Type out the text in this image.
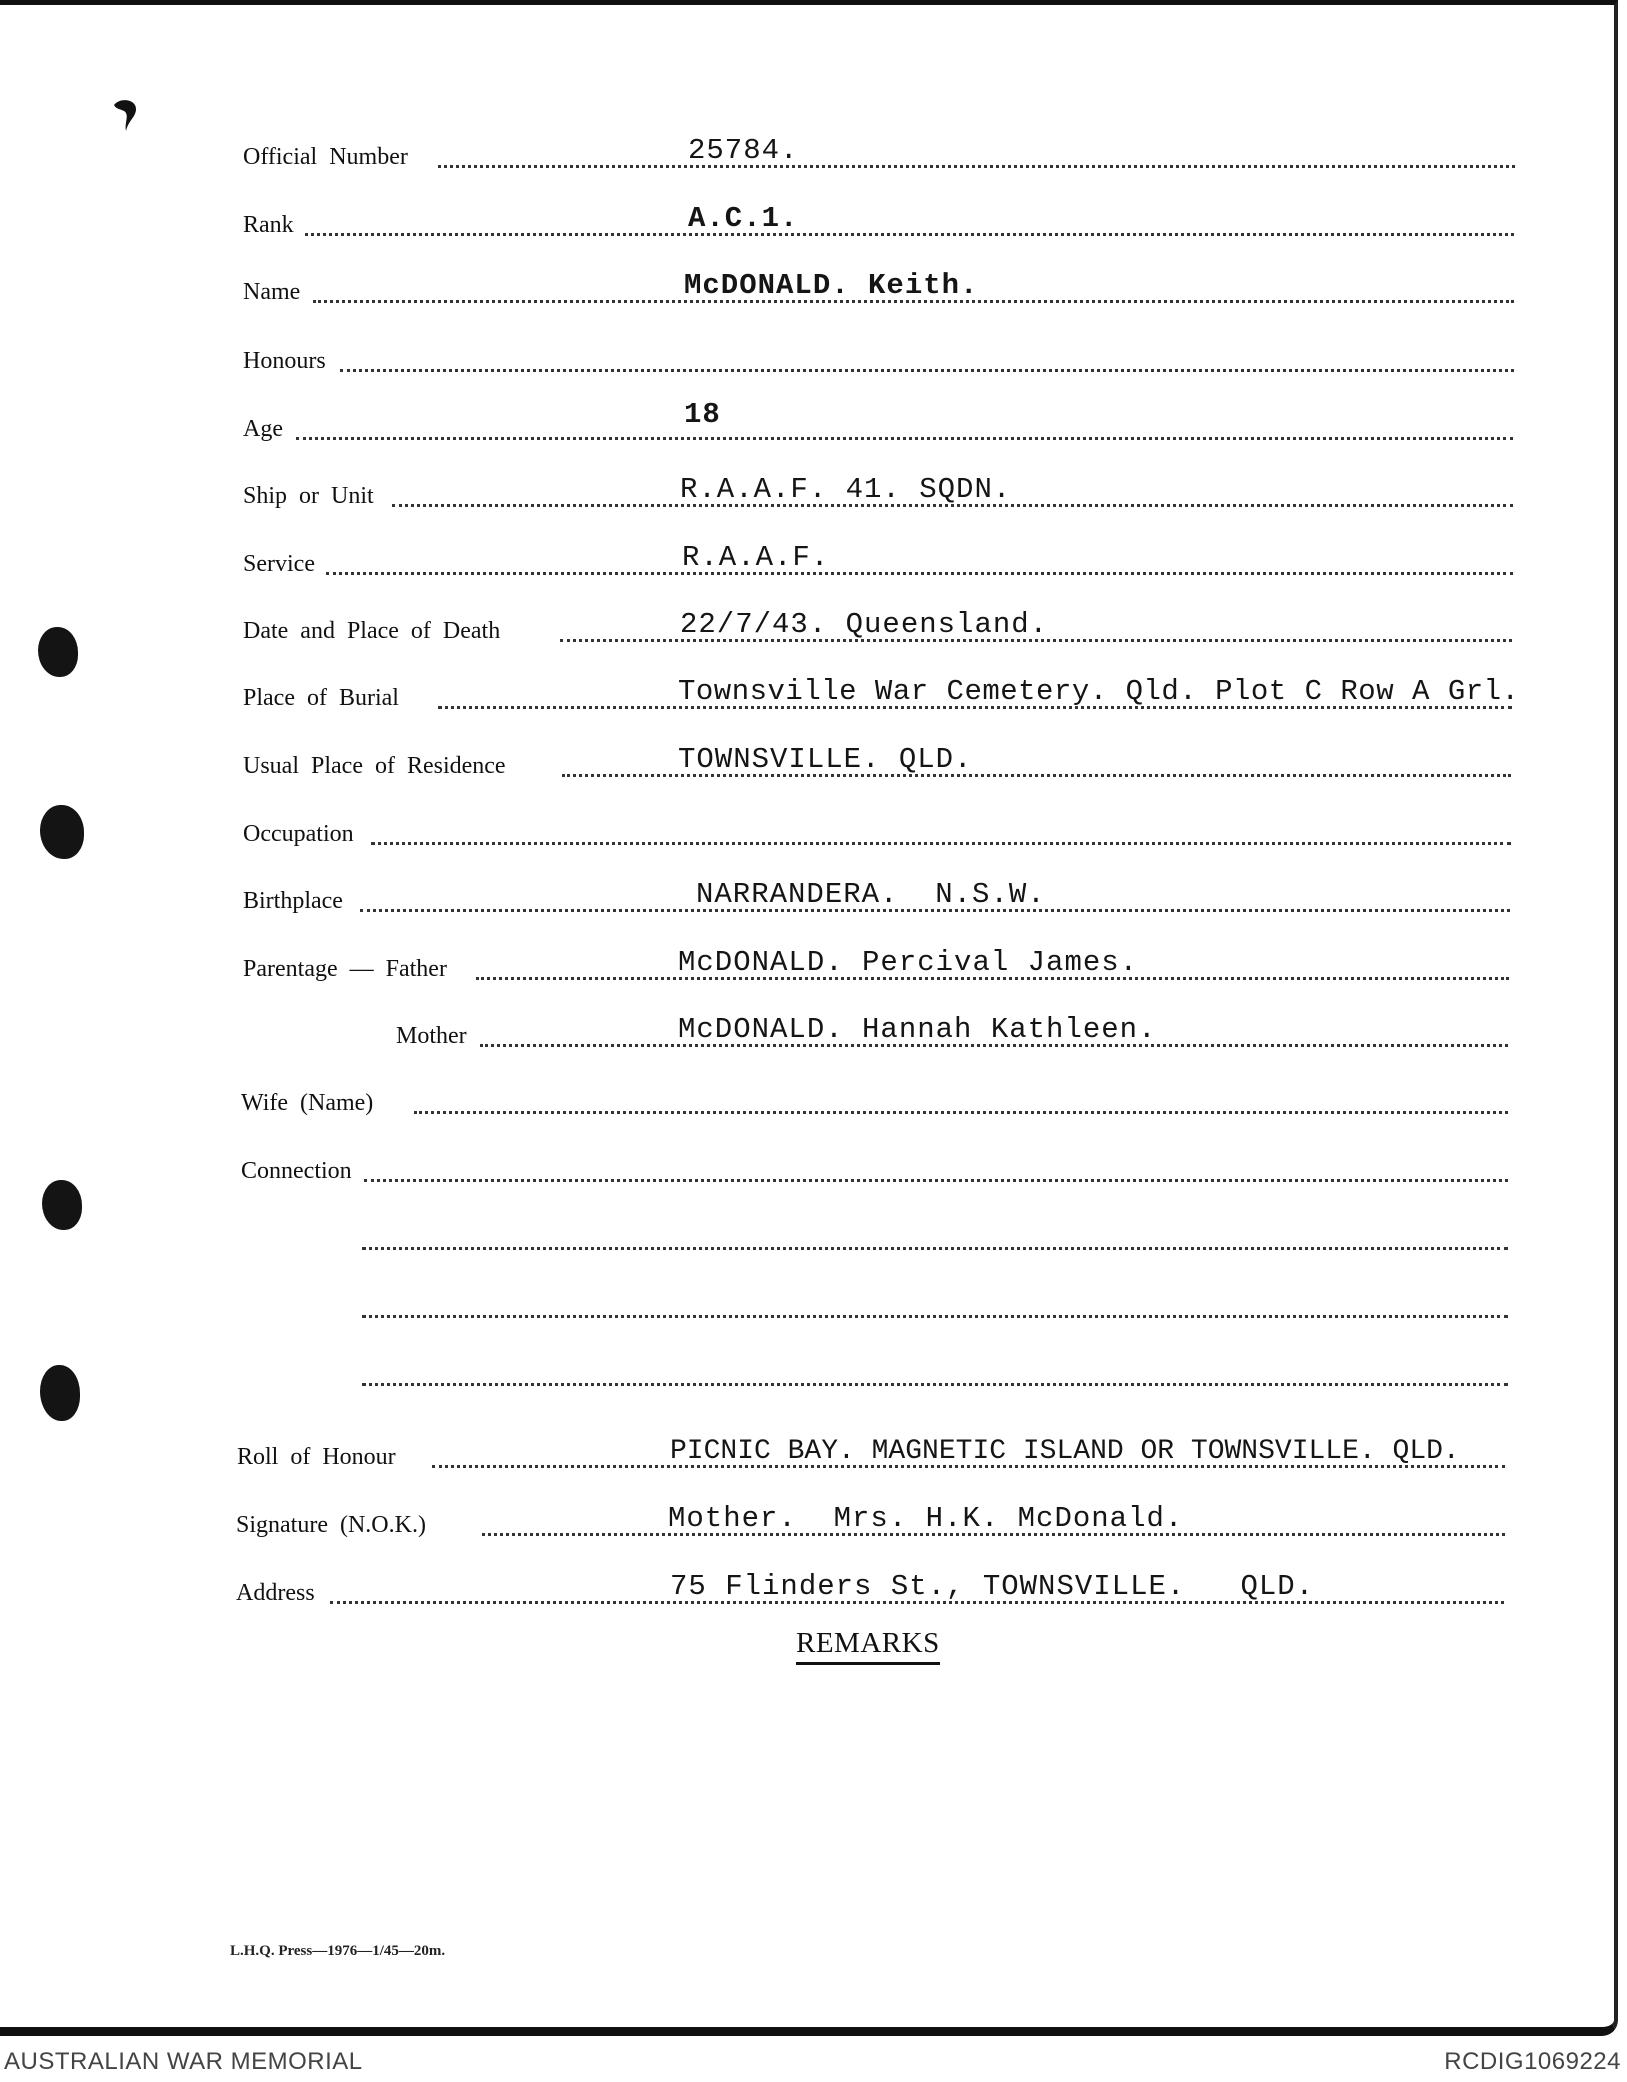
Official Number	25784.
Rank	A.C.1.
Name	McDONALD. Keith.
Honours
Age	18
Ship or Unit	R.A.A.F. 41. SQDN.
Service	R.A.A.F.
Date and Place of Death	22/7/43. Queensland.
Place of Burial	Townsville War Cemetery. Qld. Plot C Row A Grl.
Usual Place of Residence	TOWNSVILLE. QLD.
Occupation
Birthplace	NARRANDERA.  N.S.W.
Parentage — Father	McDONALD. Percival James.
Mother	McDONALD. Hannah Kathleen.
Wife (Name)
Connection
Roll of Honour	PICNIC BAY. MAGNETIC ISLAND OR TOWNSVILLE. QLD.
Signature (N.O.K.)	Mother.  Mrs. H.K. McDonald.
Address	75 Flinders St., TOWNSVILLE.   QLD.
REMARKS
L.H.Q. Press—1976—1/45—20m.
AUSTRALIAN WAR MEMORIAL	RCDIG1069224
